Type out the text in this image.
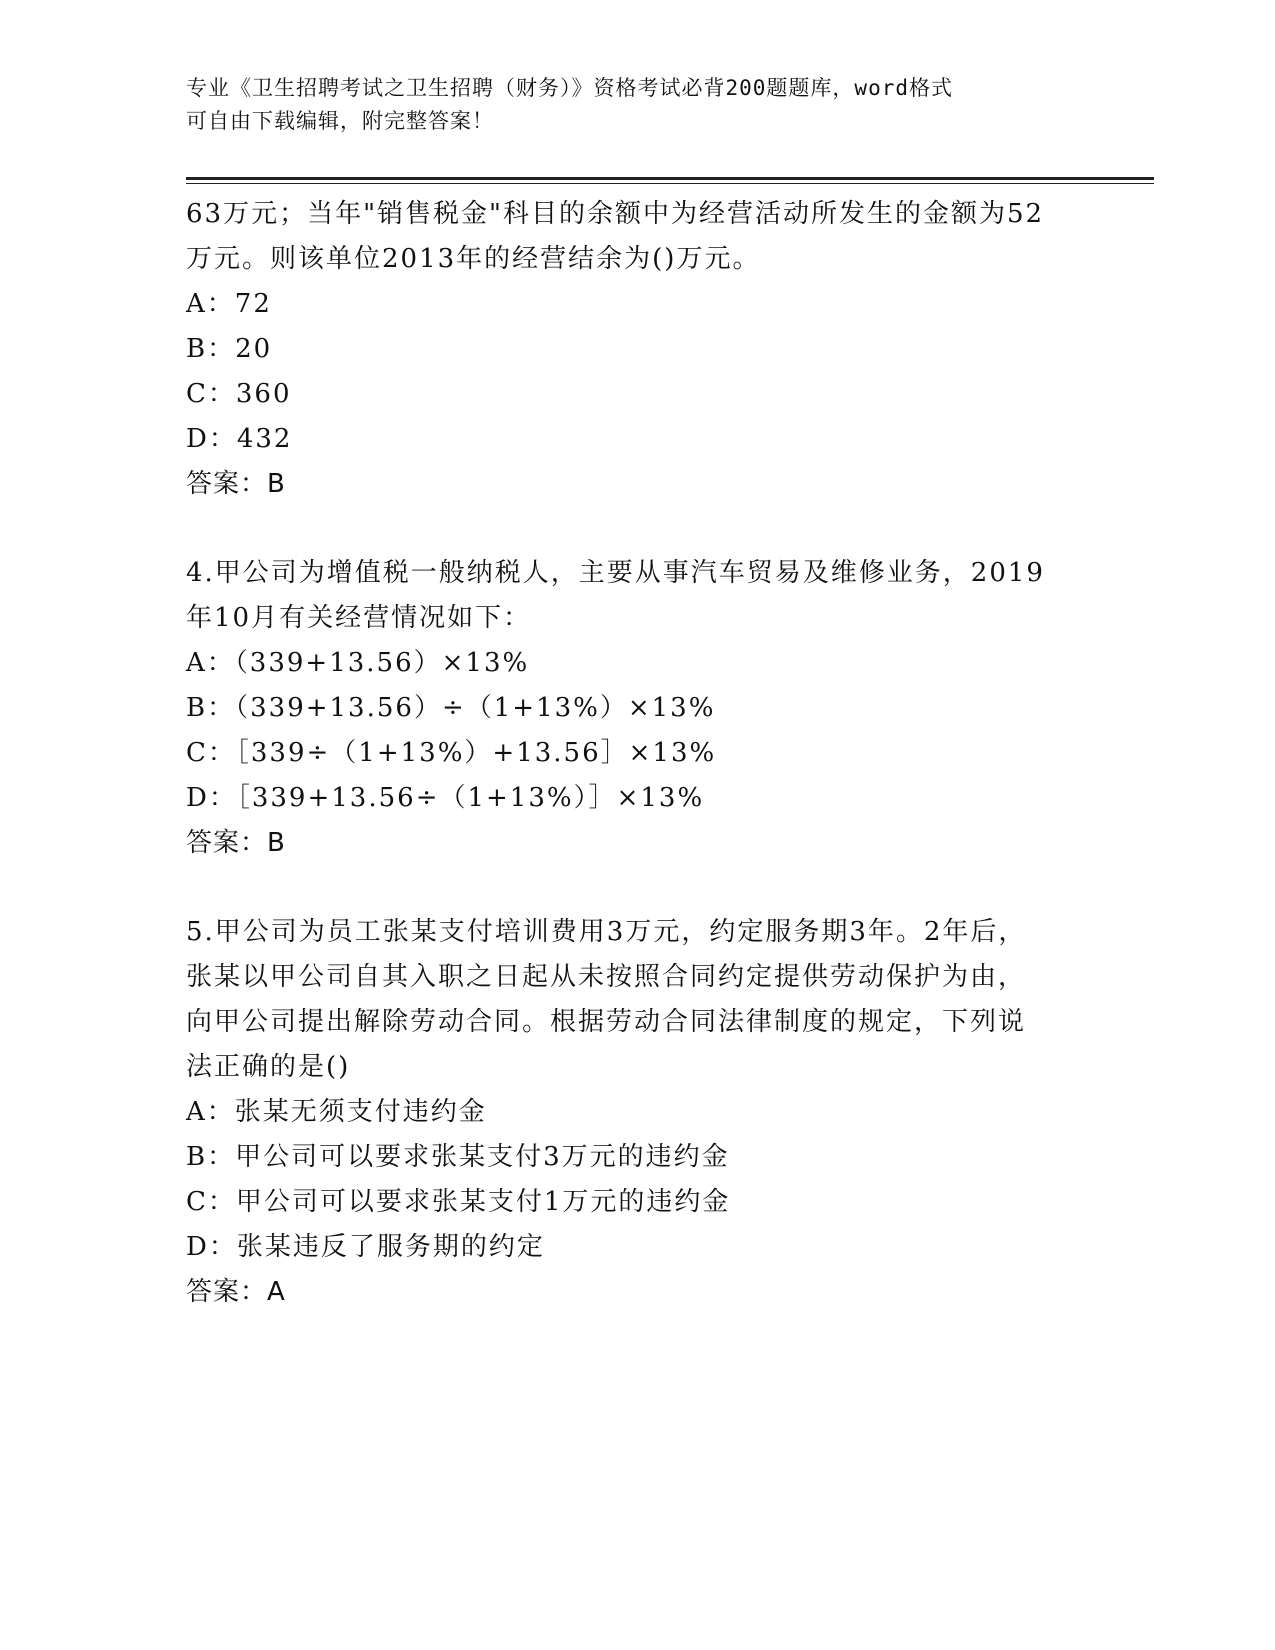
专业《卫生招聘考试之卫生招聘（财务）》资格考试必背200题题库，word格式
可自由下载编辑，附完整答案！
63万元；当年"销售税金"科目的余额中为经营活动所发生的金额为52
万元。则该单位2013年的经营结余为()万元。
A：72
B：20
C：360
D：432
答案：B
4.甲公司为增值税一般纳税人，主要从事汽车贸易及维修业务，2019
年10月有关经营情况如下：
A：（339+13.56）×13%
B：（339+13.56）÷（1+13%）×13%
C：［339÷（1+13%）+13.56］×13%
D：［339+13.56÷（1+13%）］×13%
答案：B
5.甲公司为员工张某支付培训费用3万元，约定服务期3年。2年后，
张某以甲公司自其入职之日起从未按照合同约定提供劳动保护为由，
向甲公司提出解除劳动合同。根据劳动合同法律制度的规定，下列说
法正确的是()
A：张某无须支付违约金
B：甲公司可以要求张某支付3万元的违约金
C：甲公司可以要求张某支付1万元的违约金
D：张某违反了服务期的约定
答案：A
